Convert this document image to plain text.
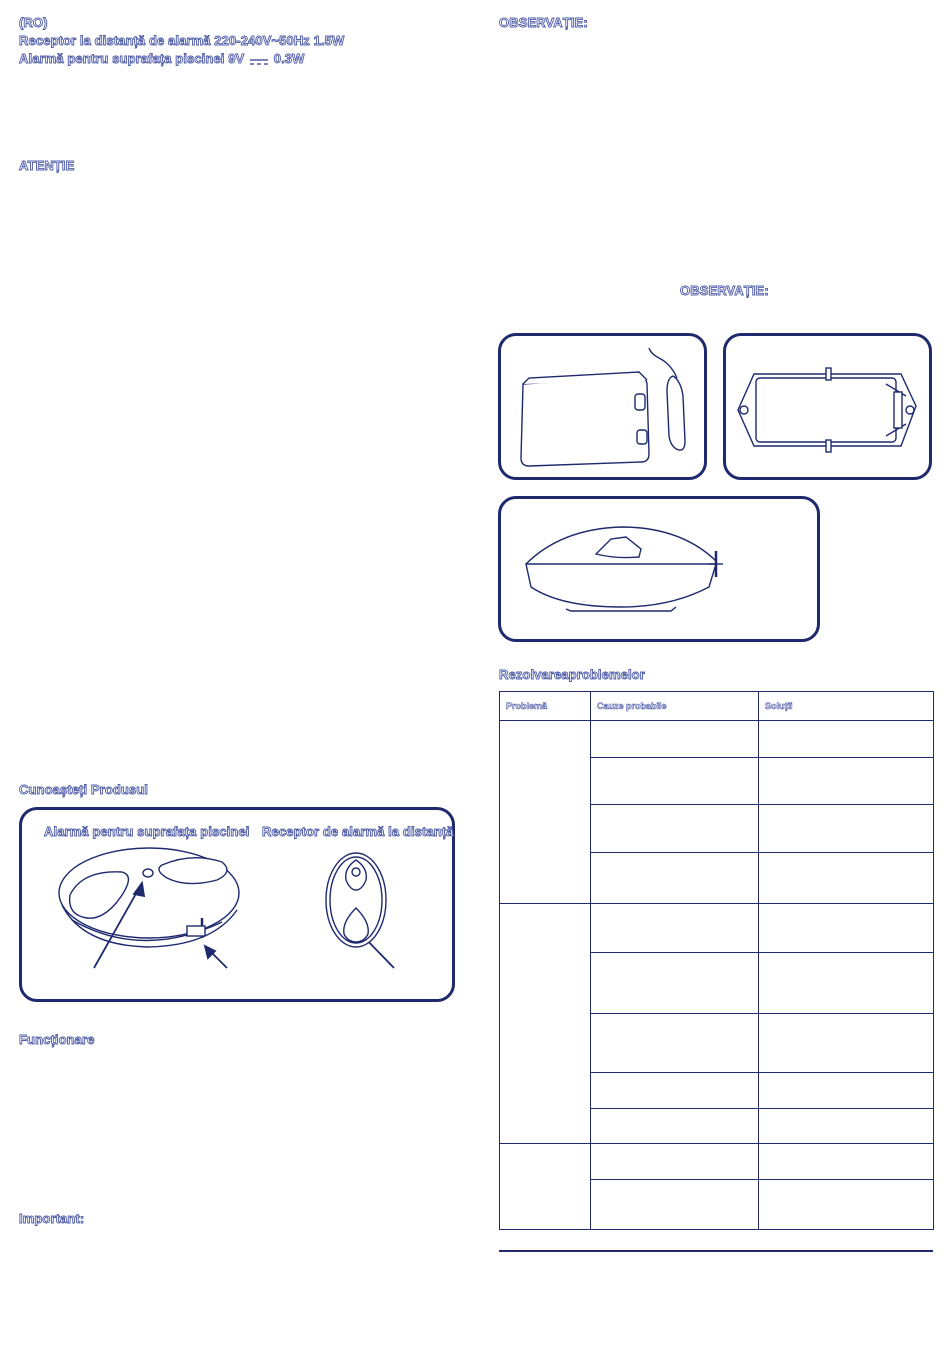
(RO)
Receptor la distanță de alarmă 220-240V~50Hz 1.5W
Alarmă pentru suprafața piscinei 9V 0.3W
ATENȚIE
Cunoașteți Produsul
Alarmă pentru suprafața piscinei Receptor de alarmă la distanță
Funcționare
Important:
OBSERVAȚIE:
OBSERVAȚIE:
Rezolvareaproblemelor
Problemă	Cauze probabile	Soluții
